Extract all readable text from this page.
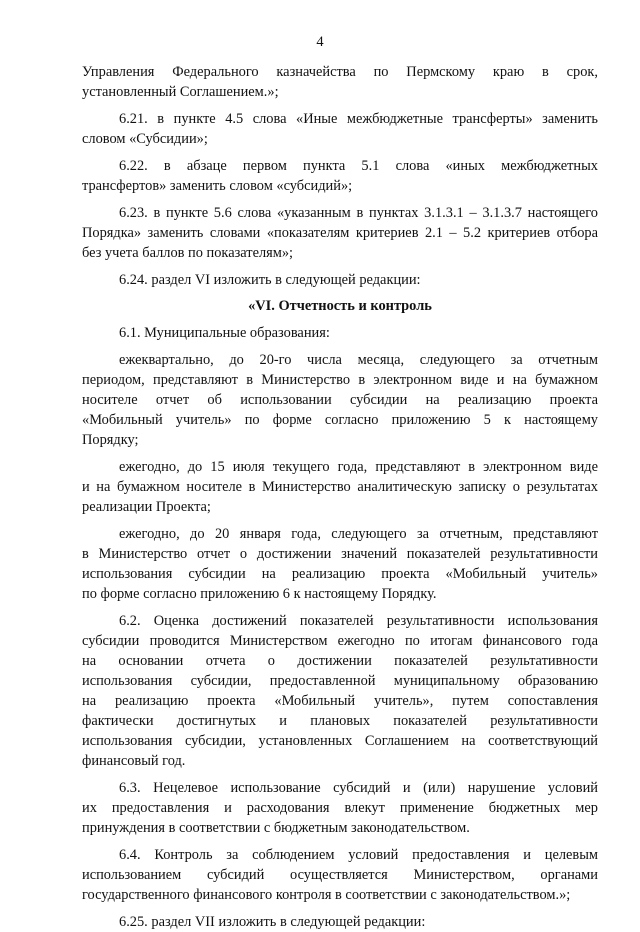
4
Управления Федерального казначейства по Пермскому краю в срок,
установленный Соглашением.»;
6.21. в пункте 4.5 слова «Иные межбюджетные трансферты» заменить
словом «Субсидии»;
6.22. в абзаце первом пункта 5.1 слова «иных межбюджетных
трансфертов» заменить словом «субсидий»;
6.23. в пункте 5.6 слова «указанным в пунктах 3.1.3.1 – 3.1.3.7 настоящего
Порядка» заменить словами «показателям критериев 2.1 – 5.2 критериев отбора
без учета баллов по показателям»;
6.24. раздел VI изложить в следующей редакции:
«VI. Отчетность и контроль
6.1. Муниципальные образования:
ежеквартально, до 20-го числа месяца, следующего за отчетным
периодом, представляют в Министерство в электронном виде и на бумажном
носителе отчет об использовании субсидии на реализацию проекта
«Мобильный учитель» по форме согласно приложению 5 к настоящему
Порядку;
ежегодно, до 15 июля текущего года, представляют в электронном виде
и на бумажном носителе в Министерство аналитическую записку о результатах
реализации Проекта;
ежегодно, до 20 января года, следующего за отчетным, представляют
в Министерство отчет о достижении значений показателей результативности
использования субсидии на реализацию проекта «Мобильный учитель»
по форме согласно приложению 6 к настоящему Порядку.
6.2. Оценка достижений показателей результативности использования
субсидии проводится Министерством ежегодно по итогам финансового года
на основании отчета о достижении показателей результативности
использования субсидии, предоставленной муниципальному образованию
на реализацию проекта «Мобильный учитель», путем сопоставления
фактически достигнутых и плановых показателей результативности
использования субсидии, установленных Соглашением на соответствующий
финансовый год.
6.3. Нецелевое использование субсидий и (или) нарушение условий
их предоставления и расходования влекут применение бюджетных мер
принуждения в соответствии с бюджетным законодательством.
6.4. Контроль за соблюдением условий предоставления и целевым
использованием субсидий осуществляется Министерством, органами
государственного финансового контроля в соответствии с законодательством.»;
6.25. раздел VII изложить в следующей редакции:
